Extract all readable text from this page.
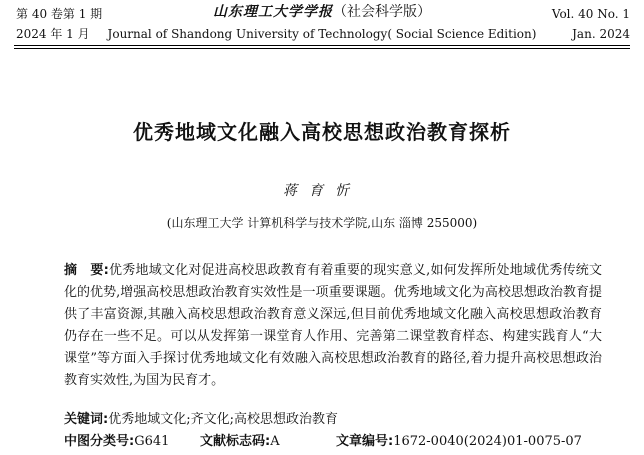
第 40 卷第 1 期
2024 年 1 月
山东理工大学学报（社会科学版）
Journal of Shandong University of Technology( Social Science Edition)
Vol. 40 No. 1
Jan. 2024
优秀地域文化融入高校思想政治教育探析
蒋育忻
(山东理工大学 计算机科学与技术学院,山东 淄博 255000)

摘　要:优秀地域文化对促进高校思政教育有着重要的现实意义,如何发挥所处地域优秀传统文化的优势,增强高校思想政治教育实效性是一项重要课题。优秀地域文化为高校思想政治教育提供了丰富资源,其融入高校思想政治教育意义深远,但目前优秀地域文化融入高校思想政治教育仍存在一些不足。可以从发挥第一课堂育人作用、完善第二课堂教育样态、构建实践育人“大课堂”等方面入手探讨优秀地域文化有效融入高校思想政治教育的路径,着力提升高校思想政治教育实效性,为国为民育才。

关键词:优秀地域文化;齐文化;高校思想政治教育
中图分类号:G641	文献标志码:A	文章编号:1672-0040(2024)01-0075-07
